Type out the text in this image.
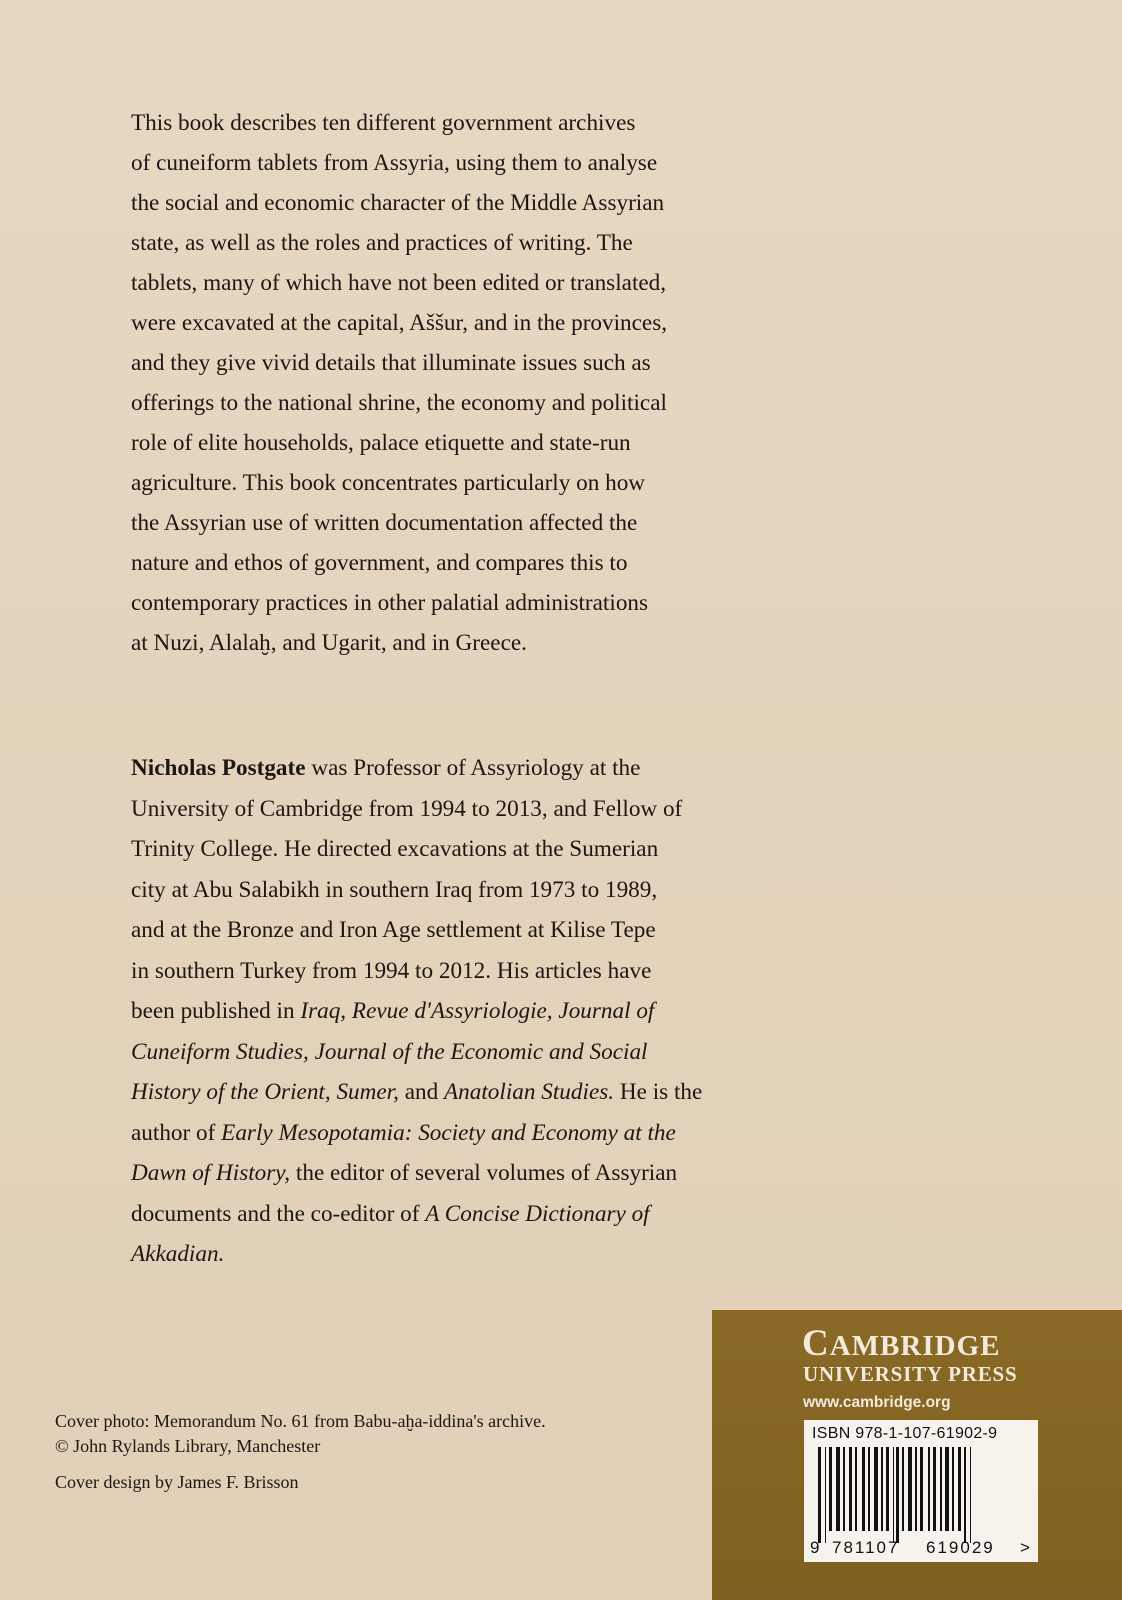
This book describes ten different government archives
of cuneiform tablets from Assyria, using them to analyse
the social and economic character of the Middle Assyrian
state, as well as the roles and practices of writing. The
tablets, many of which have not been edited or translated,
were excavated at the capital, Aššur, and in the provinces,
and they give vivid details that illuminate issues such as
offerings to the national shrine, the economy and political
role of elite households, palace etiquette and state-run
agriculture. This book concentrates particularly on how
the Assyrian use of written documentation affected the
nature and ethos of government, and compares this to
contemporary practices in other palatial administrations
at Nuzi, Alalaḫ, and Ugarit, and in Greece.
Nicholas Postgate was Professor of Assyriology at the
University of Cambridge from 1994 to 2013, and Fellow of
Trinity College. He directed excavations at the Sumerian
city at Abu Salabikh in southern Iraq from 1973 to 1989,
and at the Bronze and Iron Age settlement at Kilise Tepe
in southern Turkey from 1994 to 2012. His articles have
been published in Iraq, Revue d'Assyriologie, Journal of
Cuneiform Studies, Journal of the Economic and Social
History of the Orient, Sumer, and Anatolian Studies. He is the
author of Early Mesopotamia: Society and Economy at the
Dawn of History, the editor of several volumes of Assyrian
documents and the co-editor of A Concise Dictionary of
Akkadian.
Cover photo: Memorandum No. 61 from Babu-aḫa-iddina's archive.
© John Rylands Library, Manchester
Cover design by James F. Brisson
CAMBRIDGE
UNIVERSITY PRESS
www.cambridge.org
ISBN 978-1-107-61902-9
9 781107 619029 >
